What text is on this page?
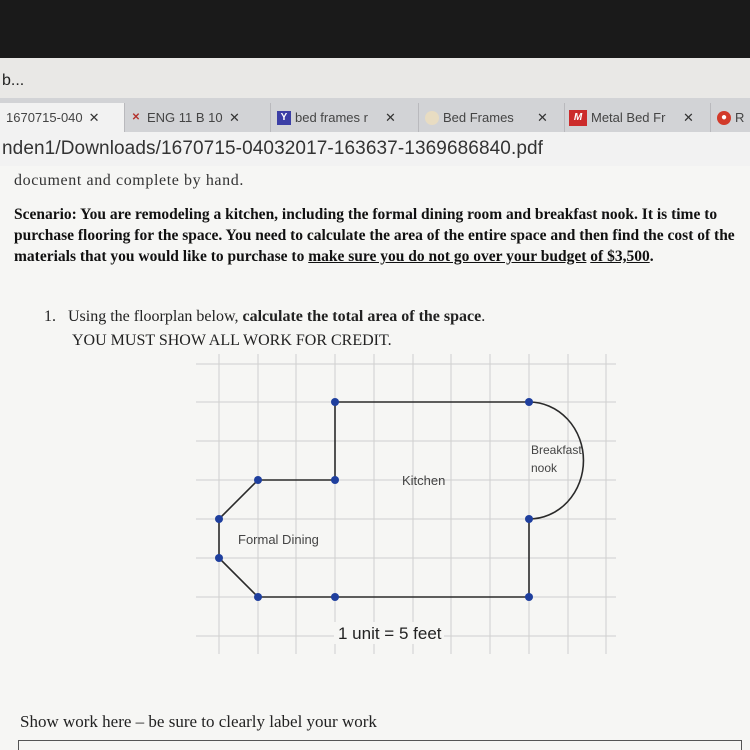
b...
1670715-040 ✕	✕ ENG 11 B 10 ✕	Y bed frames r	✕	Bed Frames	✕	M Metal Bed Fr	✕	● R
nden1/Downloads/1670715-04032017-163637-1369686840.pdf
document and complete by hand.
Scenario: You are remodeling a kitchen, including the formal dining room and breakfast nook. It is time to purchase flooring for the space. You need to calculate the area of the entire space and then find the cost of the materials that you would like to purchase to make sure you do not go over your budget of $3,500.
1. Using the floorplan below, calculate the total area of the space.
YOU MUST SHOW ALL WORK FOR CREDIT.
Kitchen
Formal Dining
Breakfast
nook
1 unit = 5 feet
Show work here – be sure to clearly label your work
